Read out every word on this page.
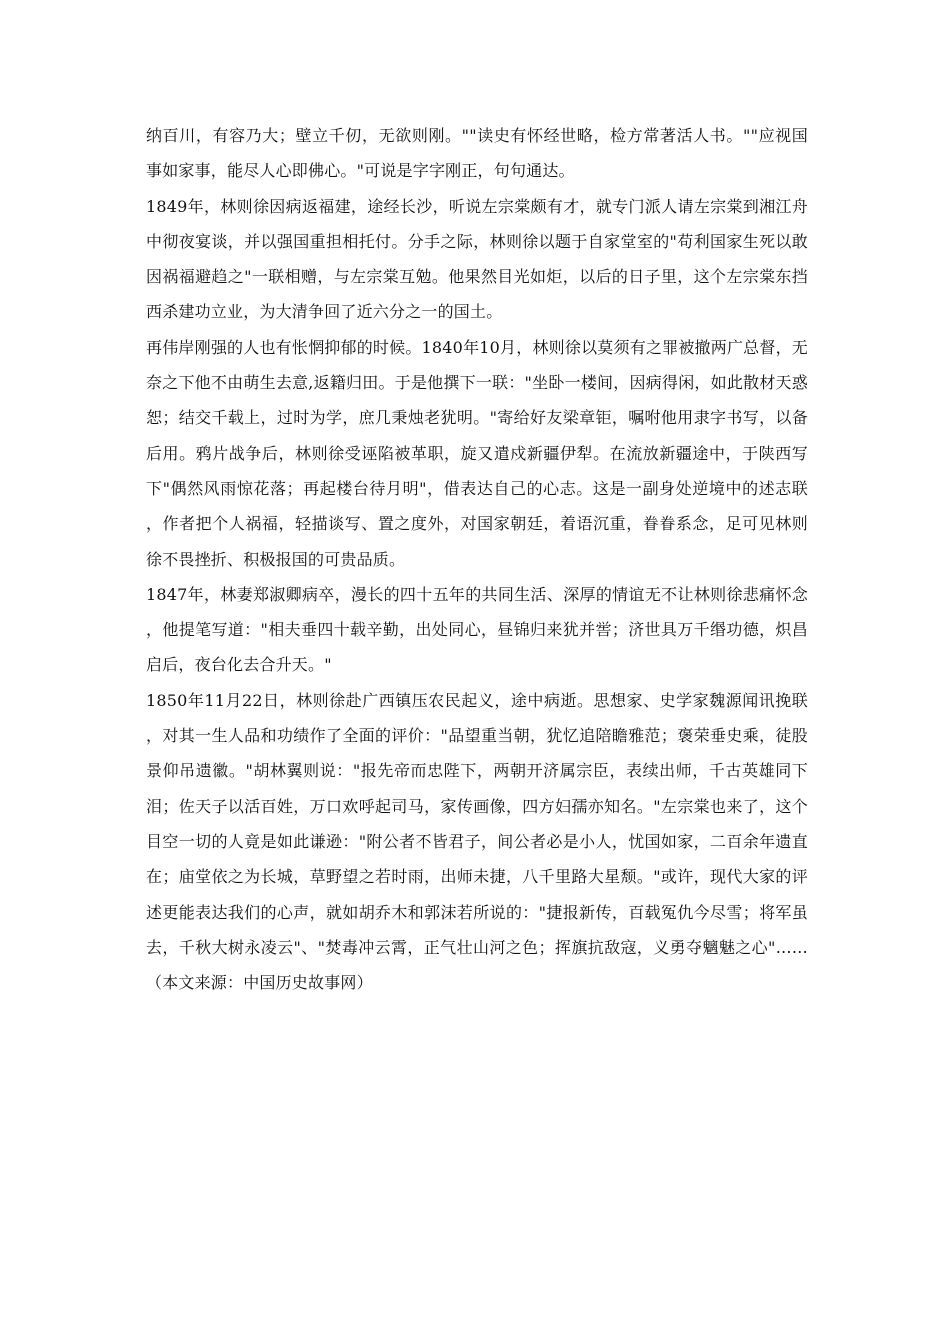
纳百川，有容乃大；壁立千仞，无欲则刚。""读史有怀经世略，检方常著活人书。""应视国事如家事，能尽人心即佛心。"可说是字字刚正，句句通达。

1849年，林则徐因病返福建，途经长沙，听说左宗棠颇有才，就专门派人请左宗棠到湘江舟中彻夜宴谈，并以强国重担相托付。分手之际，林则徐以题于自家堂室的"苟利国家生死以敢因祸福避趋之"一联相赠，与左宗棠互勉。他果然目光如炬，以后的日子里，这个左宗棠东挡西杀建功立业，为大清争回了近六分之一的国土。

再伟岸刚强的人也有怅惘抑郁的时候。1840年10月，林则徐以莫须有之罪被撤两广总督，无奈之下他不由萌生去意,返籍归田。于是他撰下一联："坐卧一楼间，因病得闲，如此散材天惑恕；结交千载上，过时为学，庶几秉烛老犹明。"寄给好友梁章钜，嘱咐他用隶字书写，以备后用。鸦片战争后，林则徐受诬陷被革职，旋又遣戍新疆伊犁。在流放新疆途中，于陕西写下"偶然风雨惊花落；再起楼台待月明"，借表达自己的心志。这是一副身处逆境中的述志联，作者把个人祸福，轻描谈写、置之度外，对国家朝廷，着语沉重，眷眷系念，足可见林则徐不畏挫折、积极报国的可贵品质。

1847年，林妻郑淑卿病卒，漫长的四十五年的共同生活、深厚的情谊无不让林则徐悲痛怀念，他提笔写道："相夫垂四十载辛勤，出处同心，昼锦归来犹并喾；济世具万千缗功德，炽昌启后，夜台化去合升天。"

1850年11月22日，林则徐赴广西镇压农民起义，途中病逝。思想家、史学家魏源闻讯挽联，对其一生人品和功绩作了全面的评价："品望重当朝，犹忆追陪瞻雅范；褒荣垂史乘，徒股景仰吊遗徽。"胡林翼则说："报先帝而忠陛下，两朝开济属宗臣，表续出师，千古英雄同下泪；佐天子以活百姓，万口欢呼起司马，家传画像，四方妇孺亦知名。"左宗棠也来了，这个目空一切的人竟是如此谦逊："附公者不皆君子，间公者必是小人，忧国如家，二百余年遗直在；庙堂依之为长城，草野望之若时雨，出师未捷，八千里路大星颓。"或许，现代大家的评述更能表达我们的心声，就如胡乔木和郭沫若所说的："捷报新传，百载冤仇今尽雪；将军虽去，千秋大树永凌云"、"焚毒冲云霄，正气壮山河之色；挥旗抗敌寇，义勇夺魑魅之心"……（本文来源：中国历史故事网）
